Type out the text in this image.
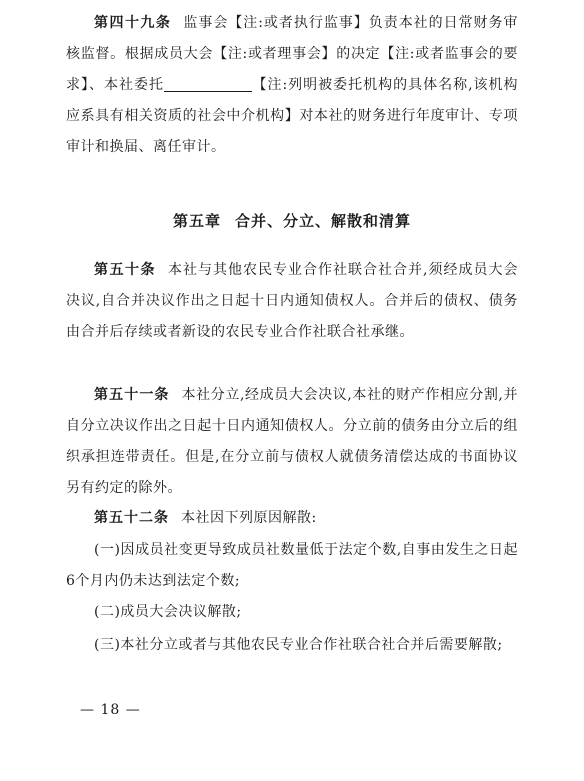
第四十九条 监事会【注:或者执行监事】负责本社的日常财务审核监督。根据成员大会【注:或者理事会】的决定【注:或者监事会的要求】、本社委托	【注:列明被委托机构的具体名称,该机构应系具有相关资质的社会中介机构】对本社的财务进行年度审计、专项审计和换届、离任审计。
第五章 合并、分立、解散和清算
第五十条 本社与其他农民专业合作社联合社合并,须经成员大会决议,自合并决议作出之日起十日内通知债权人。合并后的债权、债务由合并后存续或者新设的农民专业合作社联合社承继。
第五十一条 本社分立,经成员大会决议,本社的财产作相应分割,并自分立决议作出之日起十日内通知债权人。分立前的债务由分立后的组织承担连带责任。但是,在分立前与债权人就债务清偿达成的书面协议另有约定的除外。
第五十二条 本社因下列原因解散:
(一)因成员社变更导致成员社数量低于法定个数,自事由发生之日起6个月内仍未达到法定个数;
(二)成员大会决议解散;
(三)本社分立或者与其他农民专业合作社联合社合并后需要解散;
— 18 —
